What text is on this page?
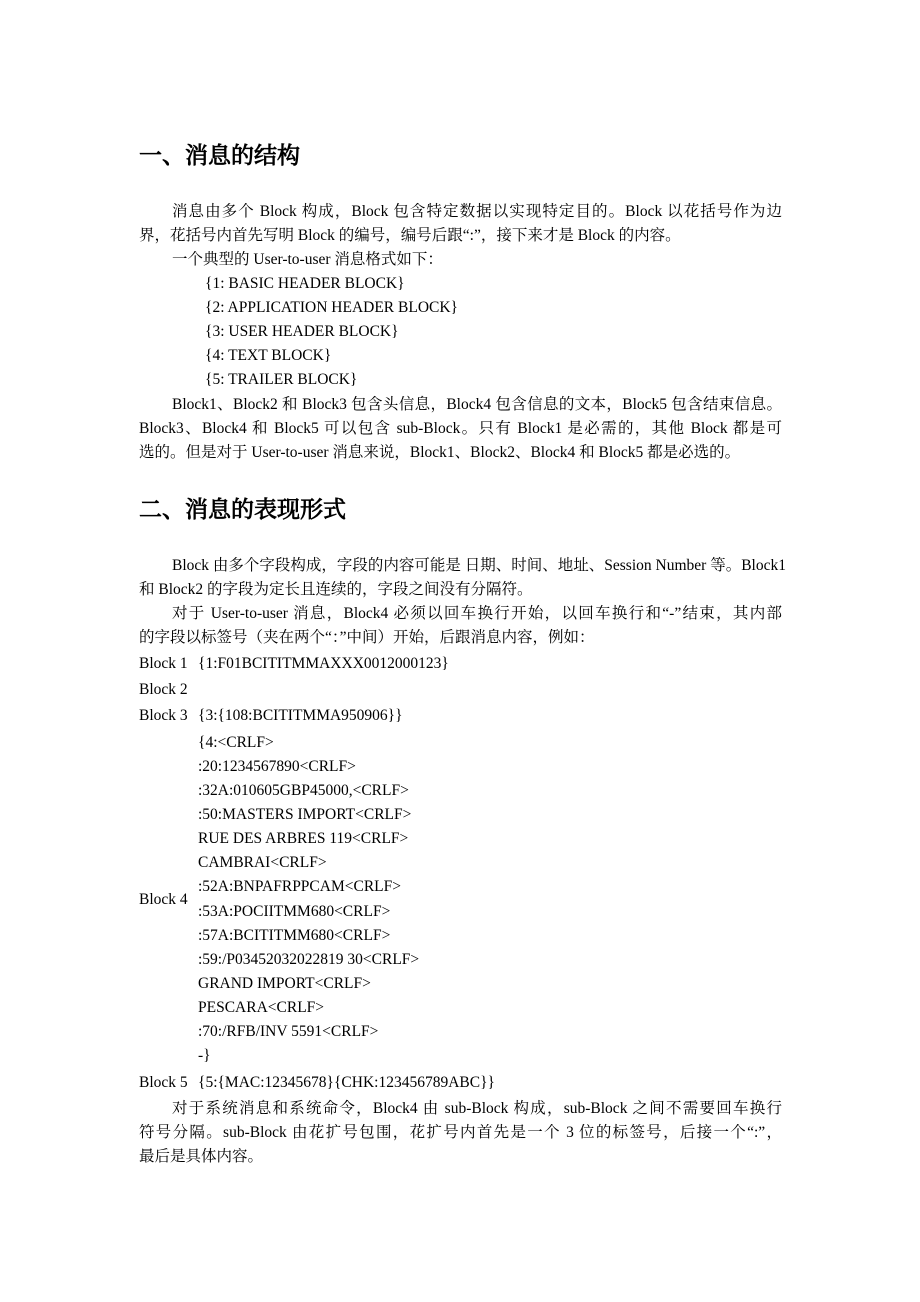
一、消息的结构
消息由多个 Block 构成，Block 包含特定数据以实现特定目的。Block 以花括号作为边
界，花括号内首先写明 Block 的编号，编号后跟“:”，接下来才是 Block 的内容。
一个典型的 User-to-user 消息格式如下：
{1: BASIC HEADER BLOCK}
{2: APPLICATION HEADER BLOCK}
{3: USER HEADER BLOCK}
{4: TEXT BLOCK}
{5: TRAILER BLOCK}
Block1、Block2 和 Block3 包含头信息，Block4 包含信息的文本，Block5 包含结束信息。
Block3、Block4 和 Block5 可以包含 sub-Block。只有 Block1 是必需的，其他 Block 都是可
选的。但是对于 User-to-user 消息来说，Block1、Block2、Block4 和 Block5 都是必选的。
二、消息的表现形式
Block 由多个字段构成，字段的内容可能是 日期、时间、地址、Session Number 等。Block1
和 Block2 的字段为定长且连续的，字段之间没有分隔符。
对于 User-to-user 消息，Block4 必须以回车换行开始，以回车换行和“-”结束，其内部
的字段以标签号（夹在两个“：”中间）开始，后跟消息内容，例如：
Block 1 {1:F01BCITITMMAXXX0012000123}
Block 2
Block 3 {3:{108:BCITITMMA950906}}
Block 4
{4:<CRLF>
:20:1234567890<CRLF>
:32A:010605GBP45000,<CRLF>
:50:MASTERS IMPORT<CRLF>
RUE DES ARBRES 119<CRLF>
CAMBRAI<CRLF>
:52A:BNPAFRPPCAM<CRLF>
:53A:POCIITMM680<CRLF>
:57A:BCITITMM680<CRLF>
:59:/P03452032022819 30<CRLF>
GRAND IMPORT<CRLF>
PESCARA<CRLF>
:70:/RFB/INV 5591<CRLF>
-}
Block 5 {5:{MAC:12345678}{CHK:123456789ABC}}
对于系统消息和系统命令，Block4 由 sub-Block 构成，sub-Block 之间不需要回车换行
符号分隔。sub-Block 由花扩号包围，花扩号内首先是一个 3 位的标签号，后接一个“:”，
最后是具体内容。
